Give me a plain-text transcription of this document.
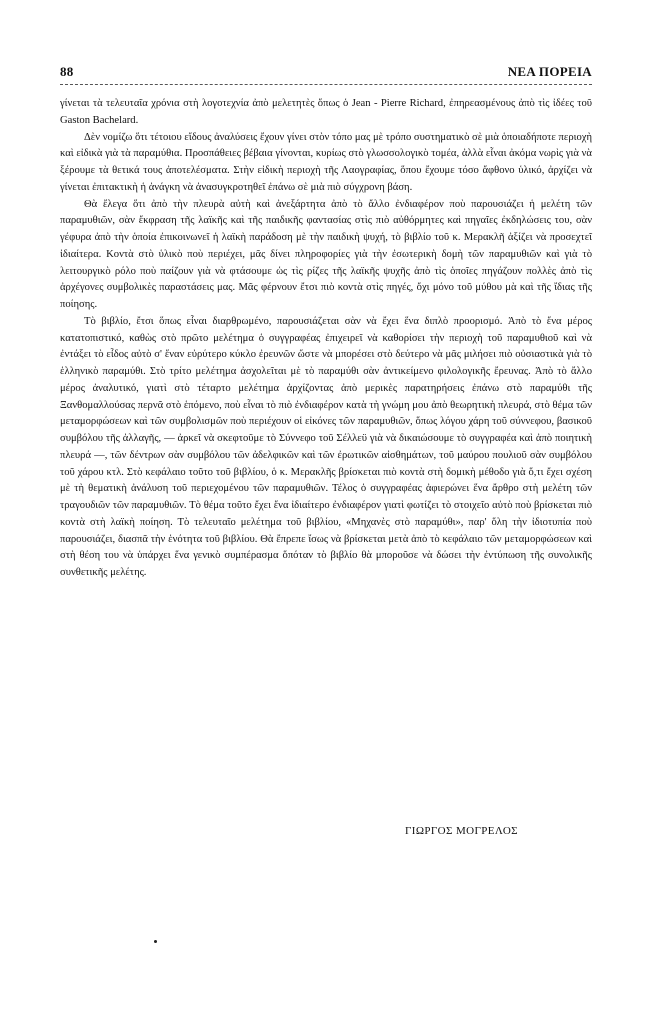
88	ΝΕΑ ΠΟΡΕΙΑ

γίνεται τὰ τελευταῖα χρόνια στὴ λογοτεχνία ἀπὸ μελετητὲς ὅπως ὁ Jean - Pierre Richard, ἐπηρεασμένους ἀπὸ τὶς ἰδέες τοῦ Gaston Bachelard.

Δὲν νομίζω ὅτι τέτοιου εἴδους ἀναλύσεις ἔχουν γίνει στὸν τόπο μας μὲ τρόπο συστηματικὸ σὲ μιὰ ὁποιαδήποτε περιοχὴ καὶ εἰδικὰ γιὰ τὰ παραμύθια. Προσπάθειες βέβαια γίνονται, κυρίως στὸ γλωσσολογικὸ τομέα, ἀλλὰ εἶναι ἀκόμα νωρὶς γιὰ νὰ ξέρουμε τὰ θετικά τους ἀποτελέσματα. Στὴν εἰδικὴ περιοχὴ τῆς Λαογραφίας, ὅπου ἔχουμε τόσο ἄφθονο ὑλικό, ἀρχίζει νὰ γίνεται ἐπιτακτικὴ ἡ ἀνάγκη νὰ ἀνασυγκροτηθεῖ ἐπάνω σὲ μιὰ πιὸ σύγχρονη βάση.

Θὰ ἔλεγα ὅτι ἀπὸ τὴν πλευρὰ αὐτὴ καὶ ἀνεξάρτητα ἀπὸ τὸ ἄλλο ἐνδιαφέρον ποὺ παρουσιάζει ἡ μελέτη τῶν παραμυθιῶν, σὰν ἔκφραση τῆς λαϊκῆς καὶ τῆς παιδικῆς φαντασίας στὶς πιὸ αὐθόρμητες καὶ πηγαῖες ἐκδηλώσεις του, σὰν γέφυρα ἀπὸ τὴν ὁποία ἐπικοινωνεῖ ἡ λαϊκὴ παράδοση μὲ τὴν παιδικὴ ψυχή, τὸ βιβλίο τοῦ κ. Μερακλῆ ἀξίζει νὰ προσεχτεῖ ἰδιαίτερα. Κοντὰ στὸ ὑλικὸ ποὺ περιέχει, μᾶς δίνει πληροφορίες γιὰ τὴν ἐσωτερικὴ δομὴ τῶν παραμυθιῶν καὶ γιὰ τὸ λειτουργικὸ ρόλο ποὺ παίζουν γιὰ νὰ φτάσουμε ὡς τὶς ρίζες τῆς λαϊκῆς ψυχῆς ἀπὸ τὶς ὁποῖες πηγάζουν πολλὲς ἀπὸ τὶς ἀρχέγονες συμβολικὲς παραστάσεις μας. Μᾶς φέρνουν ἔτσι πιὸ κοντὰ στὶς πηγές, ὄχι μόνο τοῦ μύθου μὰ καὶ τῆς ἴδιας τῆς ποίησης.

Τὸ βιβλίο, ἔτσι ὅπως εἶναι διαρθρωμένο, παρουσιάζεται σὰν νὰ ἔχει ἕνα διπλὸ προορισμό. Ἀπὸ τὸ ἕνα μέρος κατατοπιστικό, καθὼς στὸ πρῶτο μελέτημα ὁ συγγραφέας ἐπιχειρεῖ νὰ καθορίσει τὴν περιοχὴ τοῦ παραμυθιοῦ καὶ νὰ ἐντάξει τὸ εἶδος αὐτὸ σ' ἕναν εὐρύτερο κύκλο ἐρευνῶν ὥστε νὰ μπορέσει στὸ δεύτερο νὰ μᾶς μιλήσει πιὸ οὐσιαστικὰ γιὰ τὸ ἑλληνικὸ παραμύθι. Στὸ τρίτο μελέτημα ἀσχολεῖται μὲ τὸ παραμύθι σὰν ἀντικείμενο φιλολογικῆς ἔρευνας. Ἀπὸ τὸ ἄλλο μέρος ἀναλυτικό, γιατὶ στὸ τέταρτο μελέτημα ἀρχίζοντας ἀπὸ μερικὲς παρατηρήσεις ἐπάνω στὸ παραμύθι τῆς Ξανθομαλλούσας περνᾶ στὸ ἑπόμενο, ποὺ εἶναι τὸ πιὸ ἐνδιαφέρον κατὰ τὴ γνώμη μου ἀπὸ θεωρητικὴ πλευρά, στὸ θέμα τῶν μεταμορφώσεων καὶ τῶν συμβολισμῶν ποὺ περιέχουν οἱ εἰκόνες τῶν παραμυθιῶν, ὅπως λόγου χάρη τοῦ σύννεφου, βασικοῦ συμβόλου τῆς ἀλλαγῆς, — ἀρκεῖ νὰ σκεφτοῦμε τὸ Σύννεφο τοῦ Σέλλεϋ γιὰ νὰ δικαιώσουμε τὸ συγγραφέα καὶ ἀπὸ ποιητικὴ πλευρά —, τῶν δέντρων σὰν συμβόλου τῶν ἀδελφικῶν καὶ τῶν ἐρωτικῶν αἰσθημάτων, τοῦ μαύρου πουλιοῦ σὰν συμβόλου τοῦ χάρου κτλ. Στὸ κεφάλαιο τοῦτο τοῦ βιβλίου, ὁ κ. Μερακλῆς βρίσκεται πιὸ κοντὰ στὴ δομικὴ μέθοδο γιὰ ὅ,τι ἔχει σχέση μὲ τὴ θεματικὴ ἀνάλυση τοῦ περιεχομένου τῶν παραμυθιῶν. Τέλος ὁ συγγραφέας ἀφιερώνει ἕνα ἄρθρο στὴ μελέτη τῶν τραγουδιῶν τῶν παραμυθιῶν. Τὸ θέμα τοῦτο ἔχει ἕνα ἰδιαίτερο ἐνδιαφέρον γιατὶ φωτίζει τὸ στοιχεῖο αὐτὸ ποὺ βρίσκεται πιὸ κοντὰ στὴ λαϊκὴ ποίηση. Τὸ τελευταῖο μελέτημα τοῦ βιβλίου, «Μηχανὲς στὸ παραμύθι», παρ' ὅλη τὴν ἰδιοτυπία ποὺ παρουσιάζει, διασπᾶ τὴν ἑνότητα τοῦ βιβλίου. Θὰ ἔπρεπε ἴσως νὰ βρίσκεται μετὰ ἀπὸ τὸ κεφάλαιο τῶν μεταμορφώσεων καὶ στὴ θέση του νὰ ὑπάρχει ἕνα γενικὸ συμπέρασμα ὅπόταν τὸ βιβλίο θὰ μποροῦσε νὰ δώσει τὴν ἐντύπωση τῆς συνολικῆς συνθετικῆς μελέτης.

ΓΙΩΡΓΟΣ ΜΟΓΡΕΛΟΣ
